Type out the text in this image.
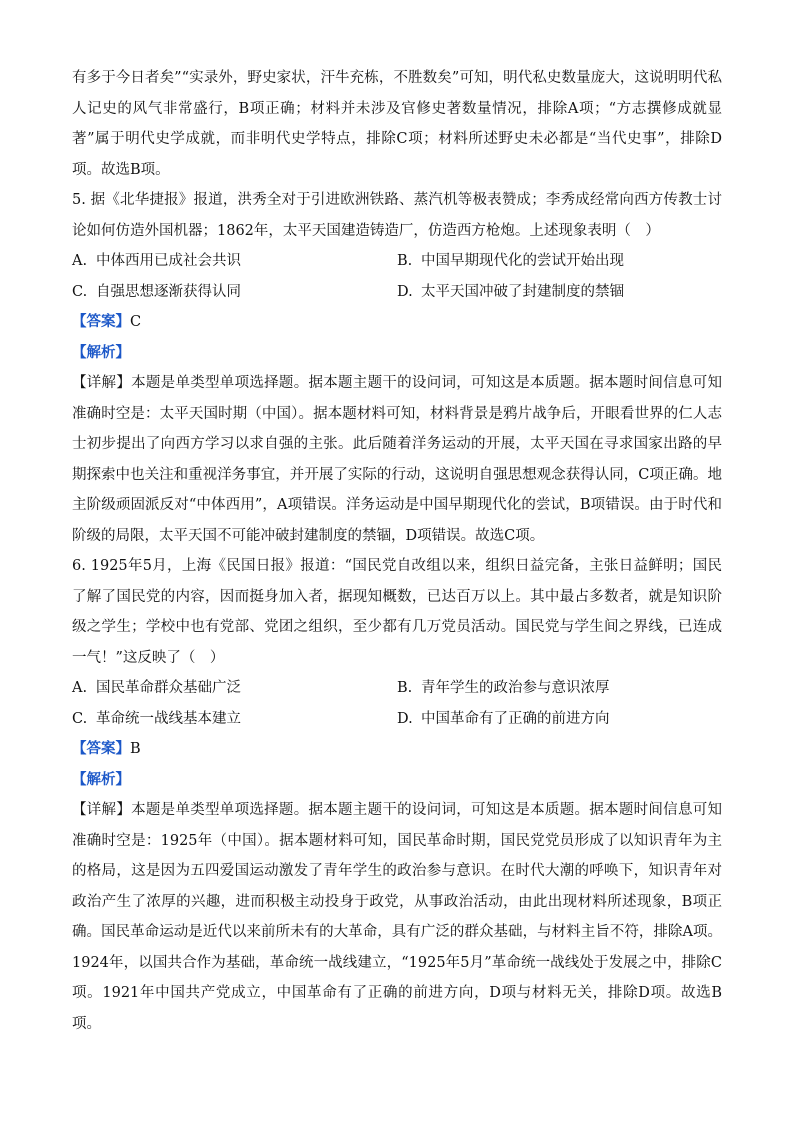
有多于今日者矣”“实录外，野史家状，汗牛充栋，不胜数矣”可知，明代私史数量庞大，这说明明代私人记史的风气非常盛行，B项正确；材料并未涉及官修史著数量情况，排除A项；“方志撰修成就显著”属于明代史学成就，而非明代史学特点，排除C项；材料所述野史未必都是“当代史事”，排除D项。故选B项。

5. 据《北华捷报》报道，洪秀全对于引进欧洲铁路、蒸汽机等极表赞成；李秀成经常向西方传教士讨论如何仿造外国机器；1862年，太平天国建造铸造厂，仿造西方枪炮。上述现象表明（　）

A. 中体西用已成社会共识	B. 中国早期现代化的尝试开始出现
C. 自强思想逐渐获得认同	D. 太平天国冲破了封建制度的禁锢

【答案】C

【解析】

【详解】本题是单类型单项选择题。据本题主题干的设问词，可知这是本质题。据本题时间信息可知准确时空是：太平天国时期（中国）。据本题材料可知，材料背景是鸦片战争后，开眼看世界的仁人志士初步提出了向西方学习以求自强的主张。此后随着洋务运动的开展，太平天国在寻求国家出路的早期探索中也关注和重视洋务事宜，并开展了实际的行动，这说明自强思想观念获得认同，C项正确。地主阶级顽固派反对“中体西用”，A项错误。洋务运动是中国早期现代化的尝试，B项错误。由于时代和阶级的局限，太平天国不可能冲破封建制度的禁锢，D项错误。故选C项。

6. 1925年5月，上海《民国日报》报道：“国民党自改组以来，组织日益完备，主张日益鲜明；国民了解了国民党的内容，因而挺身加入者，据现知概数，已达百万以上。其中最占多数者，就是知识阶级之学生；学校中也有党部、党团之组织，至少都有几万党员活动。国民党与学生间之界线，已连成一气！”这反映了（　）

A. 国民革命群众基础广泛	B. 青年学生的政治参与意识浓厚
C. 革命统一战线基本建立	D. 中国革命有了正确的前进方向

【答案】B

【解析】

【详解】本题是单类型单项选择题。据本题主题干的设问词，可知这是本质题。据本题时间信息可知准确时空是：1925年（中国）。据本题材料可知，国民革命时期，国民党党员形成了以知识青年为主的格局，这是因为五四爱国运动激发了青年学生的政治参与意识。在时代大潮的呼唤下，知识青年对政治产生了浓厚的兴趣，进而积极主动投身于政党，从事政治活动，由此出现材料所述现象，B项正确。国民革命运动是近代以来前所未有的大革命，具有广泛的群众基础，与材料主旨不符，排除A项。1924年，以国共合作为基础，革命统一战线建立，“1925年5月”革命统一战线处于发展之中，排除C项。1921年中国共产党成立，中国革命有了正确的前进方向，D项与材料无关，排除D项。故选B项。
